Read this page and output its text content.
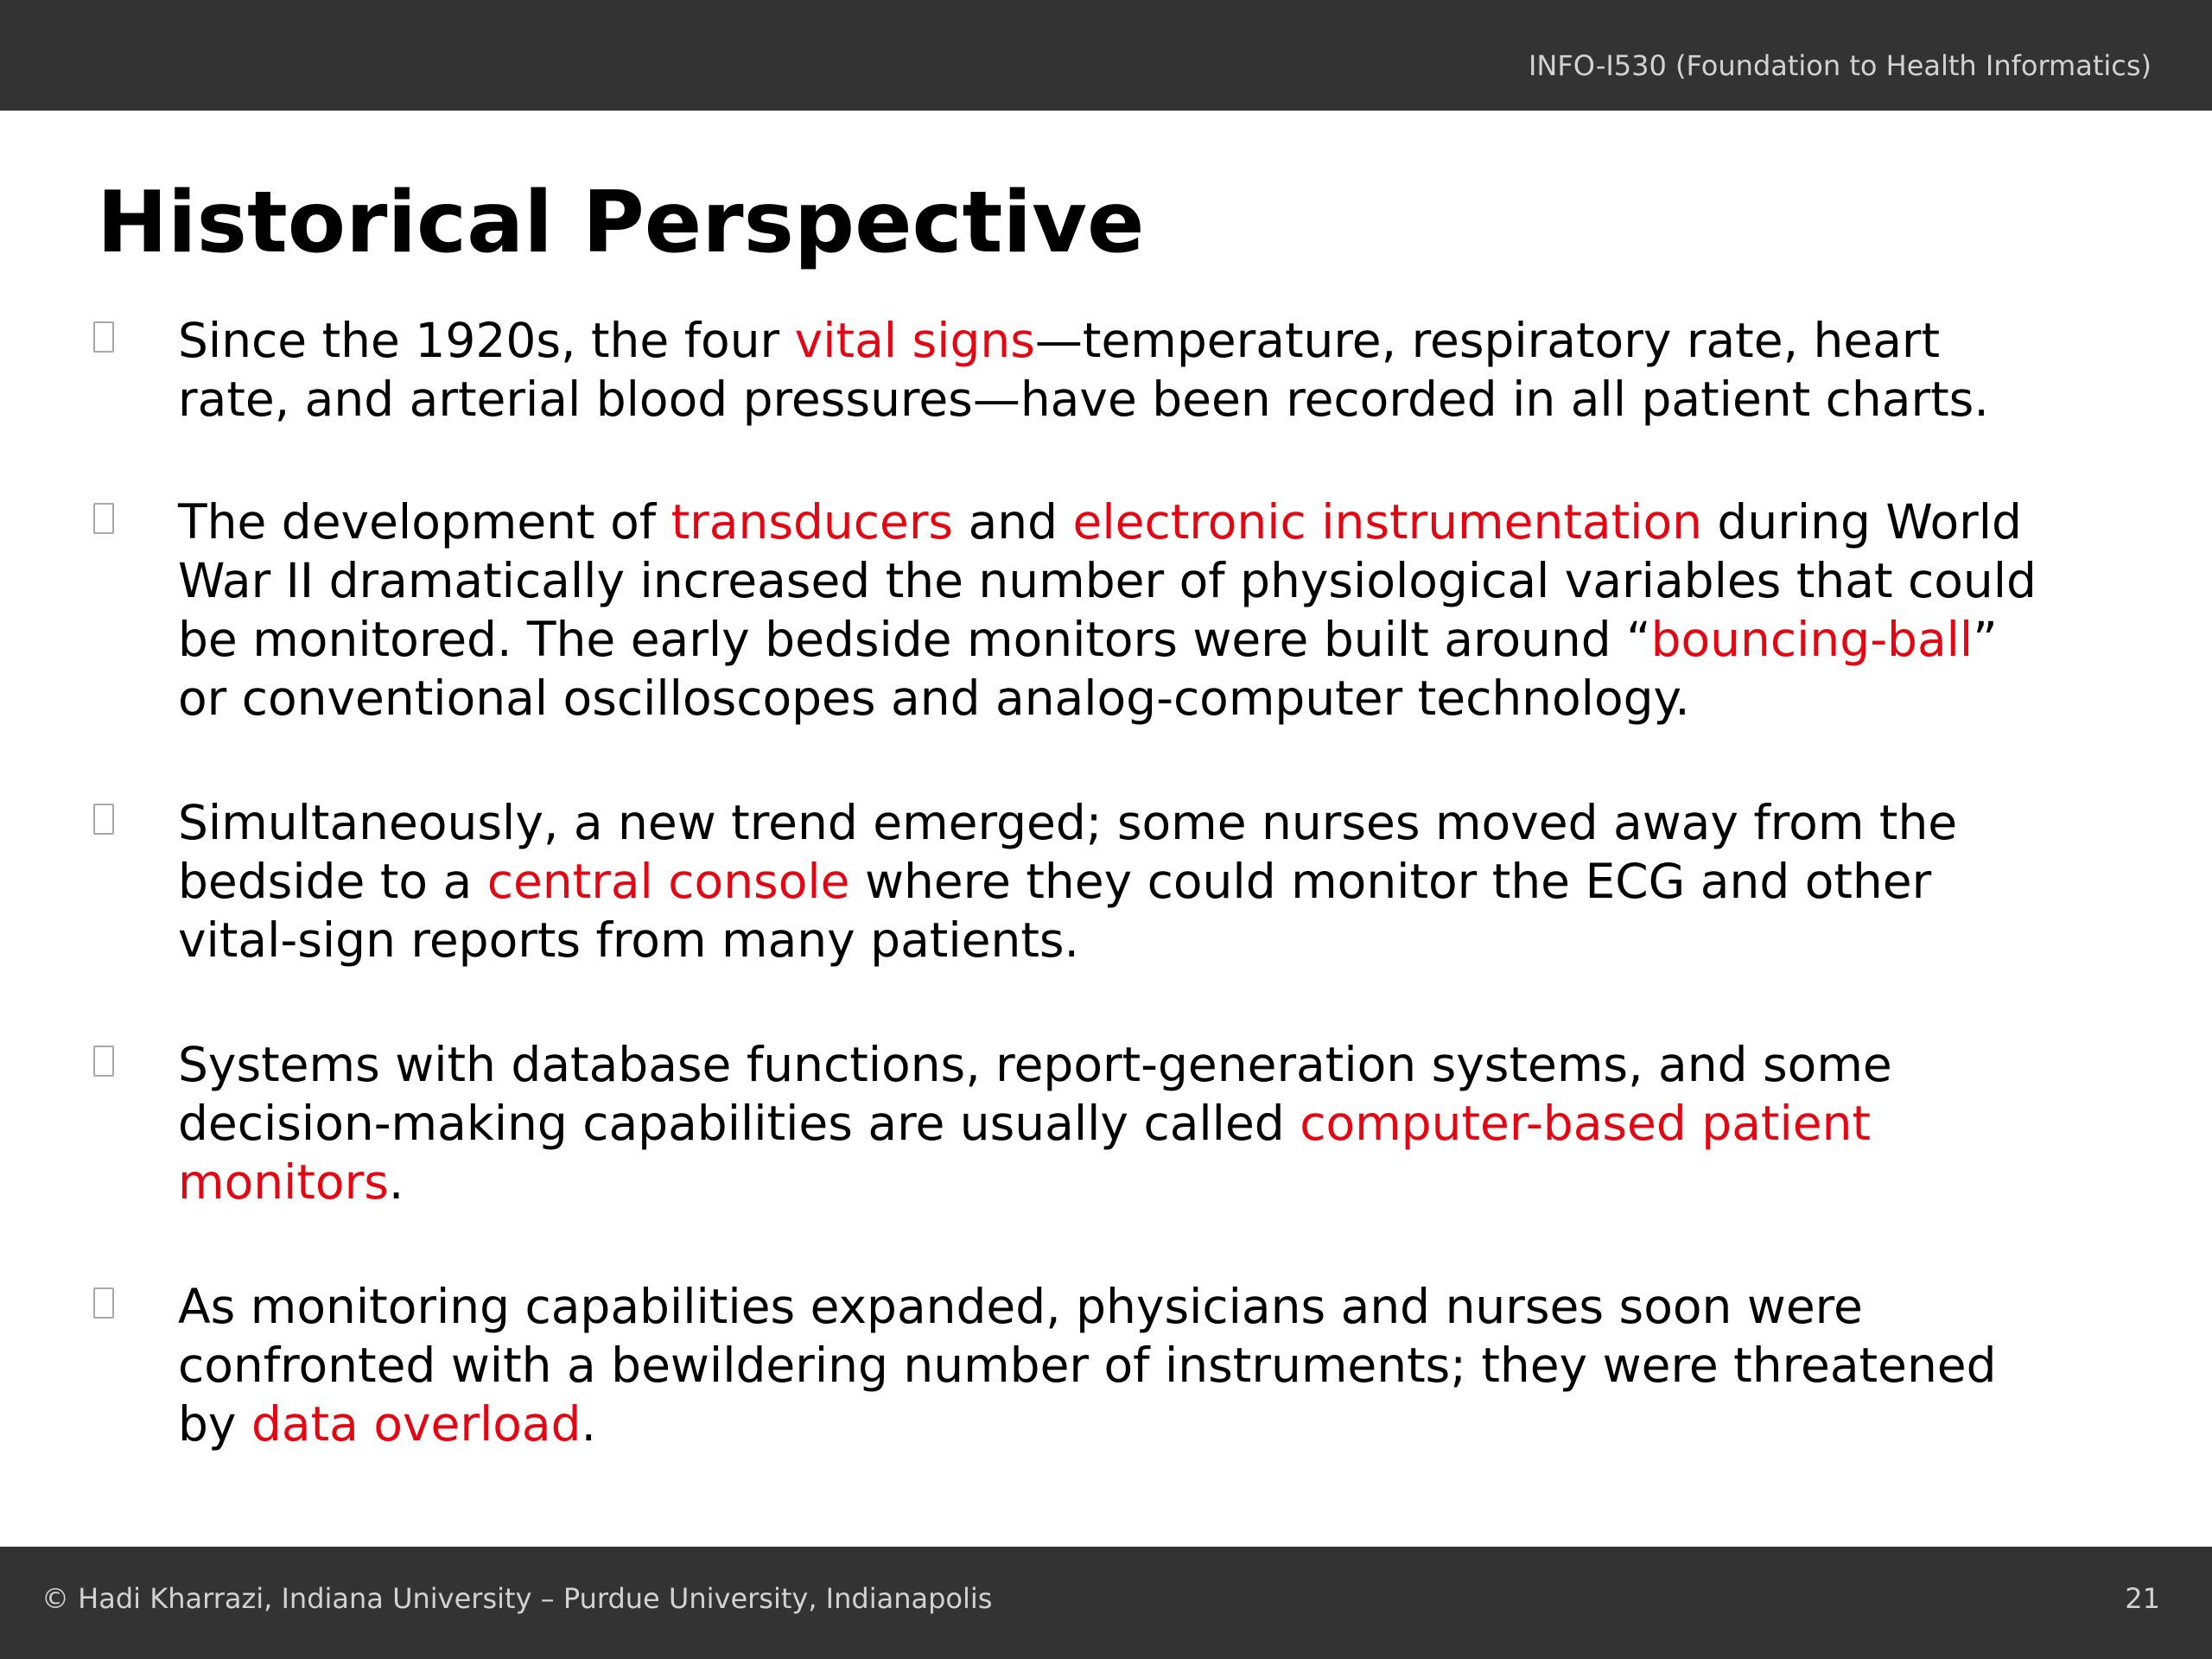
INFO-I530 (Foundation to Health Informatics)
Historical Perspective
Since the 1920s, the four vital signs—temperature, respiratory rate, heart
rate, and arterial blood pressures—have been recorded in all patient charts.
The development of transducers and electronic instrumentation during World
War II dramatically increased the number of physiological variables that could
be monitored. The early bedside monitors were built around “bouncing-ball”
or conventional oscilloscopes and analog-computer technology.
Simultaneously, a new trend emerged; some nurses moved away from the
bedside to a central console where they could monitor the ECG and other
vital-sign reports from many patients.
Systems with database functions, report-generation systems, and some
decision-making capabilities are usually called computer-based patient
monitors.
As monitoring capabilities expanded, physicians and nurses soon were
confronted with a bewildering number of instruments; they were threatened
by data overload.
© Hadi Kharrazi, Indiana University – Purdue University, Indianapolis	21
